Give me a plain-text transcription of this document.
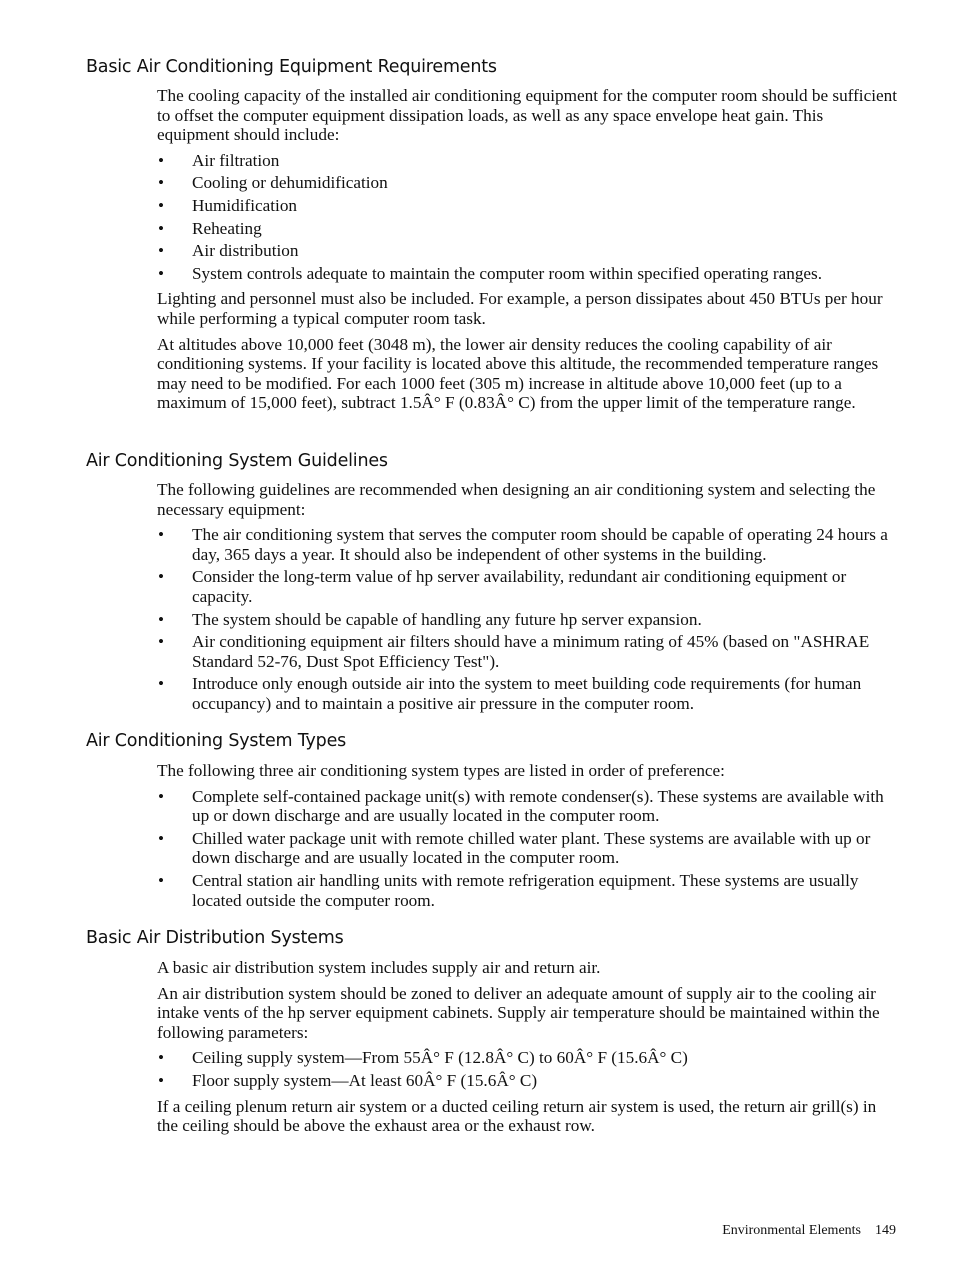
Basic Air Conditioning Equipment Requirements

The cooling capacity of the installed air conditioning equipment for the computer room should be sufficient to offset the computer equipment dissipation loads, as well as any space envelope heat gain. This equipment should include:

• Air filtration
• Cooling or dehumidification
• Humidification
• Reheating
• Air distribution
• System controls adequate to maintain the computer room within specified operating ranges.

Lighting and personnel must also be included. For example, a person dissipates about 450 BTUs per hour while performing a typical computer room task.

At altitudes above 10,000 feet (3048 m), the lower air density reduces the cooling capability of air conditioning systems. If your facility is located above this altitude, the recommended temperature ranges may need to be modified. For each 1000 feet (305 m) increase in altitude above 10,000 feet (up to a maximum of 15,000 feet), subtract 1.5Â° F (0.83Â° C) from the upper limit of the temperature range.

Air Conditioning System Guidelines

The following guidelines are recommended when designing an air conditioning system and selecting the necessary equipment:

• The air conditioning system that serves the computer room should be capable of operating 24 hours a day, 365 days a year. It should also be independent of other systems in the building.
• Consider the long-term value of hp server availability, redundant air conditioning equipment or capacity.
• The system should be capable of handling any future hp server expansion.
• Air conditioning equipment air filters should have a minimum rating of 45% (based on "ASHRAE Standard 52-76, Dust Spot Efficiency Test").
• Introduce only enough outside air into the system to meet building code requirements (for human occupancy) and to maintain a positive air pressure in the computer room.
Air Conditioning System Types

The following three air conditioning system types are listed in order of preference:

• Complete self-contained package unit(s) with remote condenser(s). These systems are available with up or down discharge and are usually located in the computer room.
• Chilled water package unit with remote chilled water plant. These systems are available with up or down discharge and are usually located in the computer room.
• Central station air handling units with remote refrigeration equipment. These systems are usually located outside the computer room.
Basic Air Distribution Systems

A basic air distribution system includes supply air and return air.

An air distribution system should be zoned to deliver an adequate amount of supply air to the cooling air intake vents of the hp server equipment cabinets. Supply air temperature should be maintained within the following parameters:

• Ceiling supply system—From 55Â° F (12.8Â° C) to 60Â° F (15.6Â° C)
• Floor supply system—At least 60Â° F (15.6Â° C)

If a ceiling plenum return air system or a ducted ceiling return air system is used, the return air grill(s) in the ceiling should be above the exhaust area or the exhaust row.

Environmental Elements 149
